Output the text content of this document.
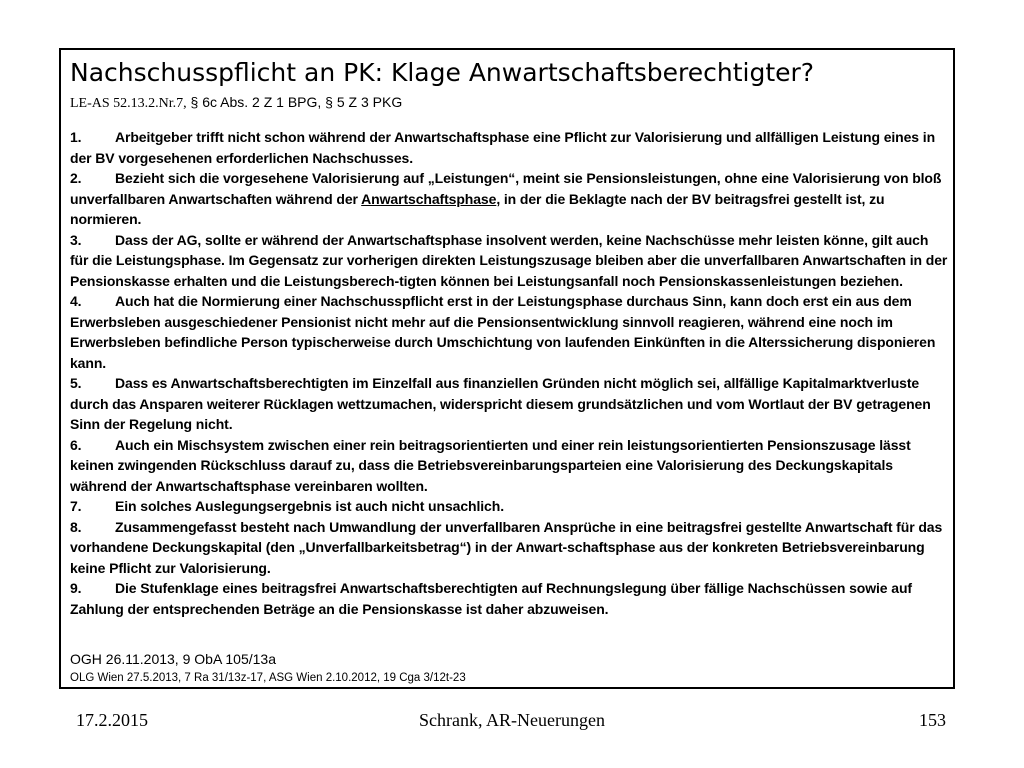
Nachschusspflicht an PK: Klage Anwartschaftsberechtigter?
LE-AS 52.13.2.Nr.7, § 6c Abs. 2 Z 1 BPG, § 5 Z 3 PKG

1. Arbeitgeber trifft nicht schon während der Anwartschaftsphase eine Pflicht zur Valorisierung und allfälligen Leistung eines in der BV vorgesehenen erforderlichen Nachschusses.

2. Bezieht sich die vorgesehene Valorisierung auf „Leistungen“, meint sie Pensionsleistungen, ohne eine Valorisierung von bloß unverfallbaren Anwartschaften während der Anwartschaftsphase, in der die Beklagte nach der BV beitragsfrei gestellt ist, zu normieren.

3. Dass der AG, sollte er während der Anwartschaftsphase insolvent werden, keine Nachschüsse mehr leisten könne, gilt auch für die Leistungsphase. Im Gegensatz zur vorherigen direkten Leistungszusage bleiben aber die unverfallbaren Anwartschaften in der Pensionskasse erhalten und die Leistungsberech-tigten können bei Leistungsanfall noch Pensionskassenleistungen beziehen.

4. Auch hat die Normierung einer Nachschusspflicht erst in der Leistungsphase durchaus Sinn, kann doch erst ein aus dem Erwerbsleben ausgeschiedener Pensionist nicht mehr auf die Pensionsentwicklung sinnvoll reagieren, während eine noch im Erwerbsleben befindliche Person typischerweise durch Umschichtung von laufenden Einkünften in die Alterssicherung disponieren kann.

5. Dass es Anwartschaftsberechtigten im Einzelfall aus finanziellen Gründen nicht möglich sei, allfällige Kapitalmarktverluste durch das Ansparen weiterer Rücklagen wettzumachen, widerspricht diesem grundsätzlichen und vom Wortlaut der BV getragenen Sinn der Regelung nicht.

6. Auch ein Mischsystem zwischen einer rein beitragsorientierten und einer rein leistungsorientierten Pensionszusage lässt keinen zwingenden Rückschluss darauf zu, dass die Betriebsvereinbarungsparteien eine Valorisierung des Deckungskapitals während der Anwartschaftsphase vereinbaren wollten.

7. Ein solches Auslegungsergebnis ist auch nicht unsachlich.

8. Zusammengefasst besteht nach Umwandlung der unverfallbaren Ansprüche in eine beitragsfrei gestellte Anwartschaft für das vorhandene Deckungskapital (den „Unverfallbarkeitsbetrag“) in der Anwart-schaftsphase aus der konkreten Betriebsvereinbarung keine Pflicht zur Valorisierung.

9. Die Stufenklage eines beitragsfrei Anwartschaftsberechtigten auf Rechnungslegung über fällige Nachschüssen sowie auf Zahlung der entsprechenden Beträge an die Pensionskasse ist daher abzuweisen.

OGH 26.11.2013, 9 ObA 105/13a
OLG Wien 27.5.2013, 7 Ra 31/13z-17, ASG Wien 2.10.2012, 19 Cga 3/12t-23
17.2.2015	Schrank, AR-Neuerungen	153
